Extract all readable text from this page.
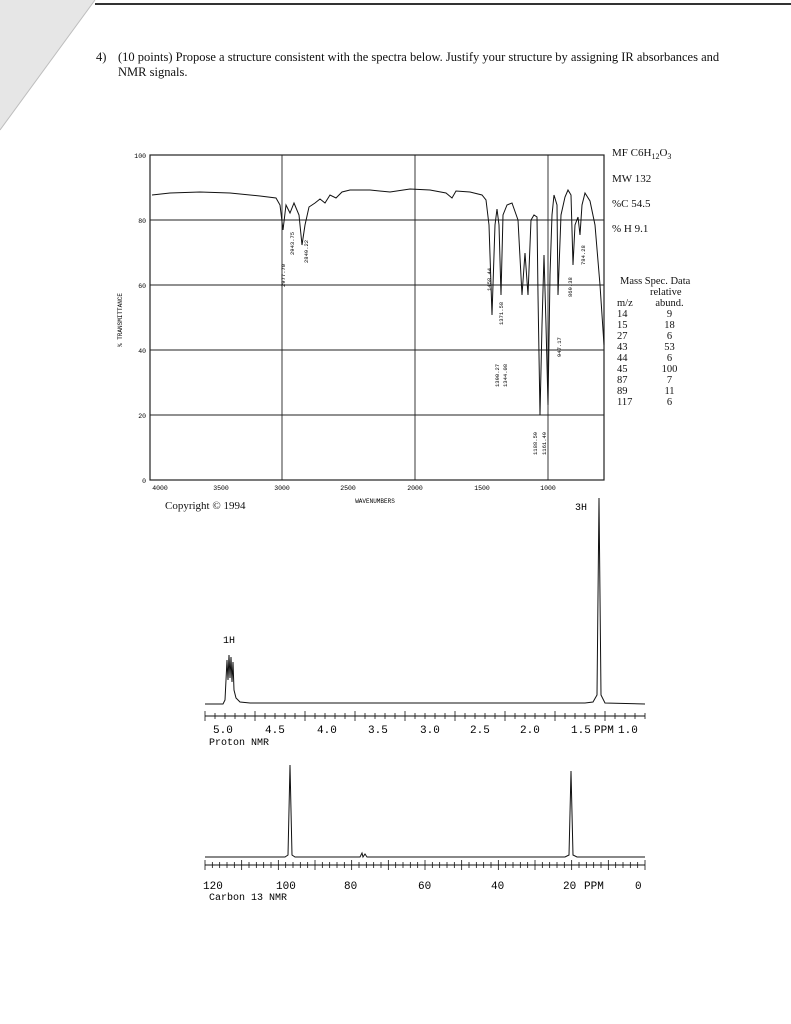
4) (10 points) Propose a structure consistent with the spectra below. Justify your structure by assigning IR absorbances and NMR signals.
100
80
60
40
20
0
% TRANSMITTANCE
4000	3500	3000	2500	2000	1500	1000
WAVENUMBERS
2977.70
2943.75 2849.22
1458.44
1371.58
1390.27 1344.08
1188.59 1161.49
947.17
869.38
784.28
Copyright © 1994
MF $C6H_{12}O_3$
MW 132
%C 54.5
% H 9.1
Mass Spec. Data
relative
m/z	abund.
14	9
15	18
27	6
43	53
44	6
45	100
87	7
89	11
117	6
1H
3H
5.0	4.5	4.0	3.5	3.0	2.5	2.0	1.5 PPM 1.0
Proton NMR
120	100	80	60	40	20 PPM	0
Carbon 13 NMR
